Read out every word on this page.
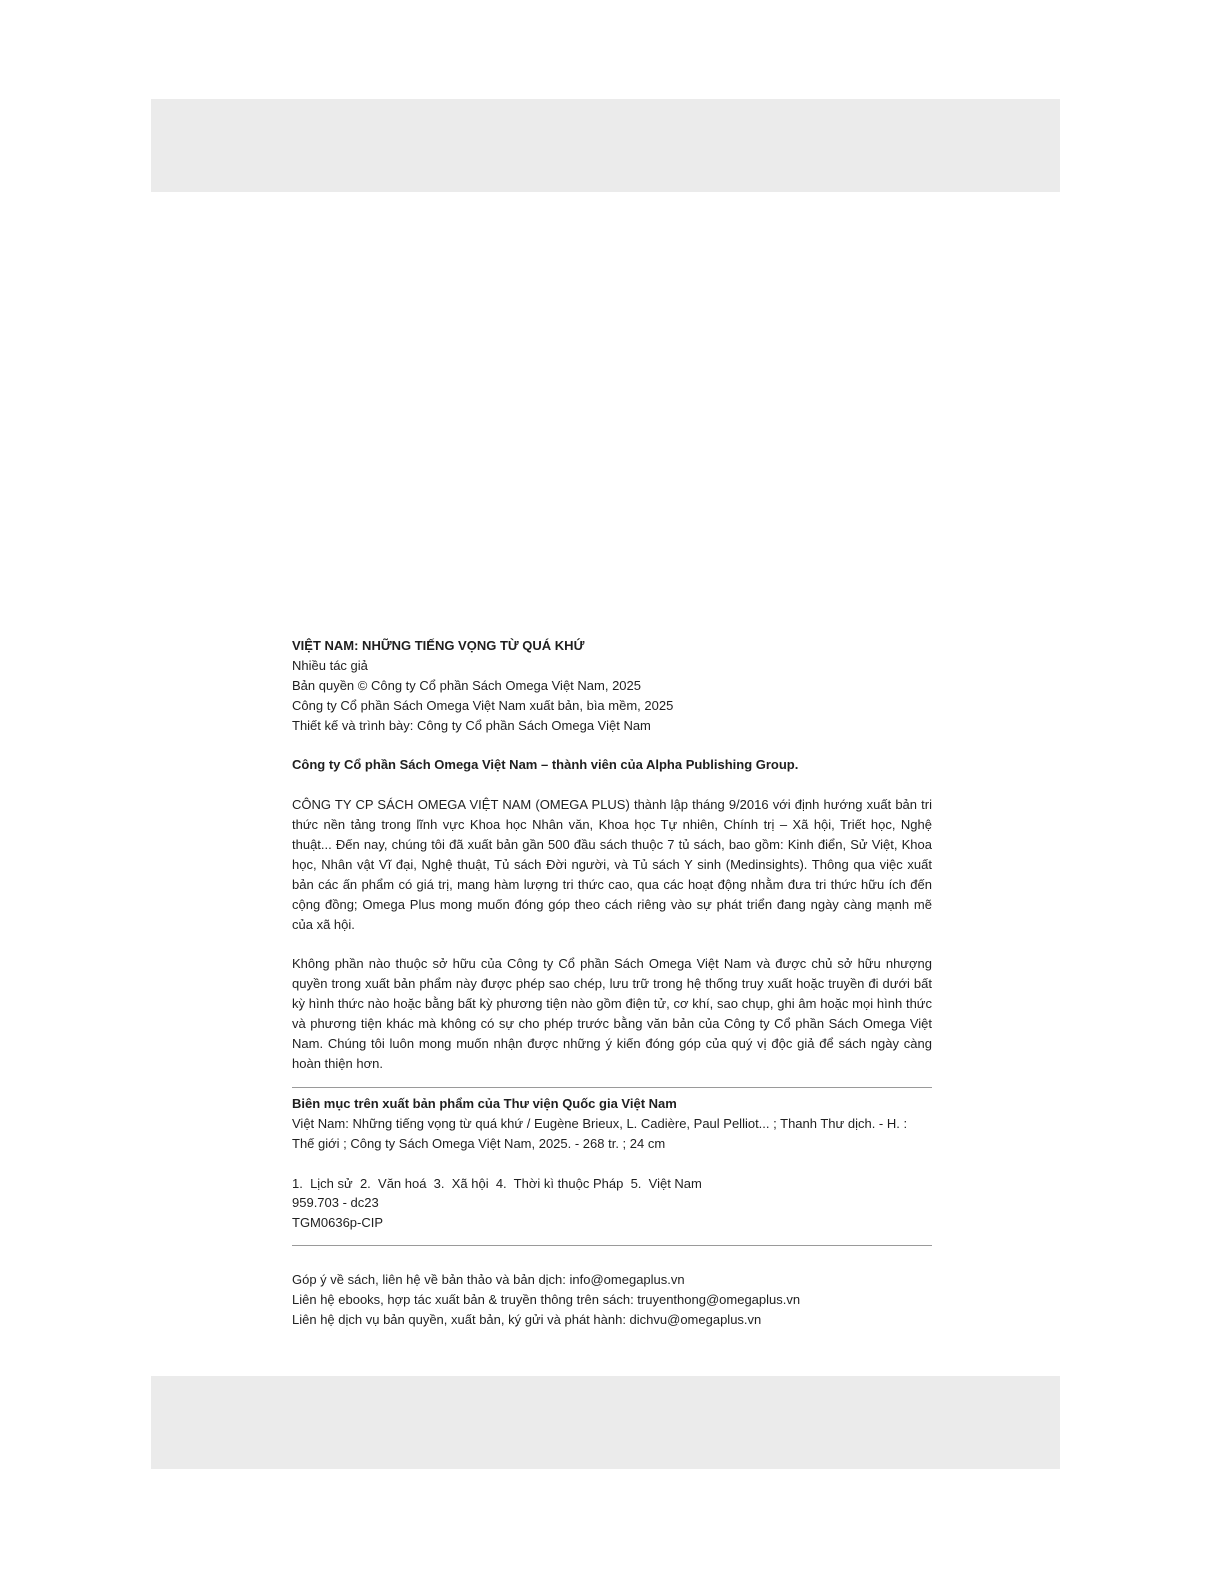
VIỆT NAM: NHỮNG TIẾNG VỌNG TỪ QUÁ KHỨ

Nhiều tác giả

Bản quyền © Công ty Cổ phần Sách Omega Việt Nam, 2025

Công ty Cổ phần Sách Omega Việt Nam xuất bản, bìa mềm, 2025

Thiết kế và trình bày: Công ty Cổ phần Sách Omega Việt Nam

Công ty Cổ phần Sách Omega Việt Nam – thành viên của Alpha Publishing Group.

CÔNG TY CP SÁCH OMEGA VIỆT NAM (OMEGA PLUS) thành lập tháng 9/2016 với định hướng xuất bản tri thức nền tảng trong lĩnh vực Khoa học Nhân văn, Khoa học Tự nhiên, Chính trị – Xã hội, Triết học, Nghệ thuật... Đến nay, chúng tôi đã xuất bản gần 500 đầu sách thuộc 7 tủ sách, bao gồm: Kinh điển, Sử Việt, Khoa học, Nhân vật Vĩ đại, Nghệ thuật, Tủ sách Đời người, và Tủ sách Y sinh (Medinsights). Thông qua việc xuất bản các ấn phẩm có giá trị, mang hàm lượng tri thức cao, qua các hoạt động nhằm đưa tri thức hữu ích đến cộng đồng; Omega Plus mong muốn đóng góp theo cách riêng vào sự phát triển đang ngày càng mạnh mẽ của xã hội.

Không phần nào thuộc sở hữu của Công ty Cổ phần Sách Omega Việt Nam và được chủ sở hữu nhượng quyền trong xuất bản phẩm này được phép sao chép, lưu trữ trong hệ thống truy xuất hoặc truyền đi dưới bất kỳ hình thức nào hoặc bằng bất kỳ phương tiện nào gồm điện tử, cơ khí, sao chụp, ghi âm hoặc mọi hình thức và phương tiện khác mà không có sự cho phép trước bằng văn bản của Công ty Cổ phần Sách Omega Việt Nam. Chúng tôi luôn mong muốn nhận được những ý kiến đóng góp của quý vị độc giả để sách ngày càng hoàn thiện hơn.

Biên mục trên xuất bản phẩm của Thư viện Quốc gia Việt Nam

Việt Nam: Những tiếng vọng từ quá khứ / Eugène Brieux, L. Cadière, Paul Pelliot... ; Thanh Thư dịch. - H. : Thế giới ; Công ty Sách Omega Việt Nam, 2025. - 268 tr. ; 24 cm

1.  Lịch sử  2.  Văn hoá  3.  Xã hội  4.  Thời kì thuộc Pháp  5.  Việt Nam

959.703 - dc23

TGM0636p-CIP

Góp ý về sách, liên hệ về bản thảo và bản dịch: info@omegaplus.vn

Liên hệ ebooks, hợp tác xuất bản & truyền thông trên sách: truyenthong@omegaplus.vn

Liên hệ dịch vụ bản quyền, xuất bản, ký gửi và phát hành: dichvu@omegaplus.vn
